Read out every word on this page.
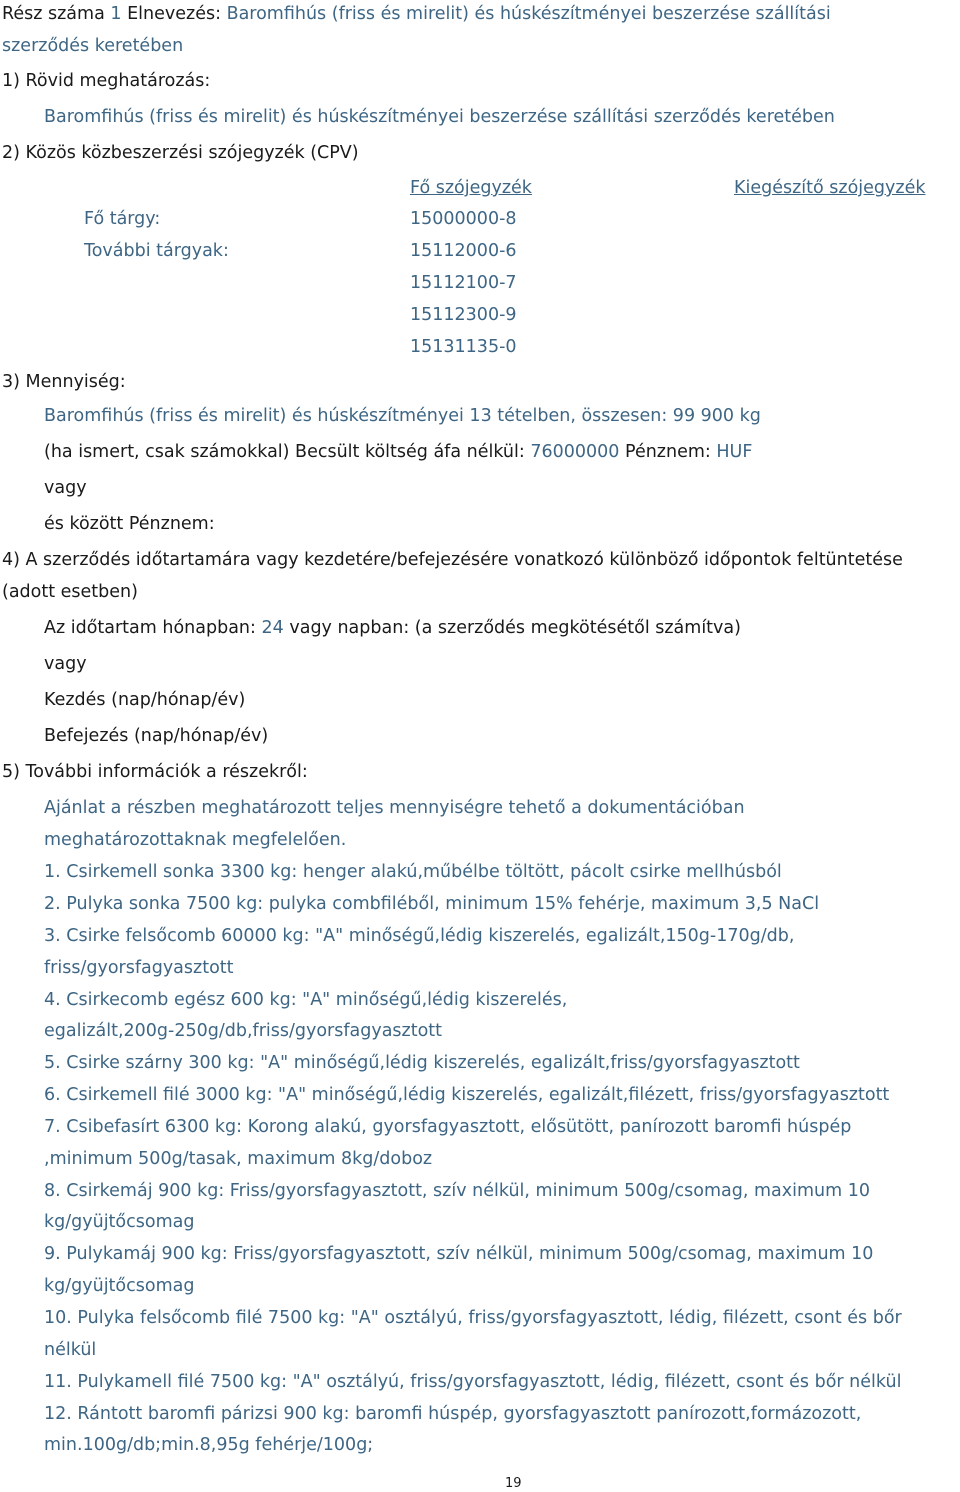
Rész száma 1 Elnevezés: Baromfihús (friss és mirelit) és húskészítményei beszerzése szállítási
szerződés keretében
1) Rövid meghatározás:
Baromfihús (friss és mirelit) és húskészítményei beszerzése szállítási szerződés keretében
2) Közös közbeszerzési szójegyzék (CPV)
Fő szójegyzék	Kiegészítő szójegyzék
Fő tárgy:	15000000-8
További tárgyak:	15112000-6
15112100-7
15112300-9
15131135-0
3) Mennyiség:
Baromfihús (friss és mirelit) és húskészítményei 13 tételben, összesen: 99 900 kg
(ha ismert, csak számokkal) Becsült költség áfa nélkül: 76000000 Pénznem: HUF
vagy
és között Pénznem:
4) A szerződés időtartamára vagy kezdetére/befejezésére vonatkozó különböző időpontok feltüntetése
(adott esetben)
Az időtartam hónapban: 24 vagy napban: (a szerződés megkötésétől számítva)
vagy
Kezdés (nap/hónap/év)
Befejezés (nap/hónap/év)
5) További információk a részekről:
Ajánlat a részben meghatározott teljes mennyiségre tehető a dokumentációban
meghatározottaknak megfelelően.
1. Csirkemell sonka 3300 kg: henger alakú,műbélbe töltött, pácolt csirke mellhúsból
2. Pulyka sonka 7500 kg: pulyka combfiléből, minimum 15% fehérje, maximum 3,5 NaCl
3. Csirke felsőcomb 60000 kg: "A" minőségű,lédig kiszerelés, egalizált,150g-170g/db,
friss/gyorsfagyasztott
4. Csirkecomb egész 600 kg: "A" minőségű,lédig kiszerelés,
egalizált,200g-250g/db,friss/gyorsfagyasztott
5. Csirke szárny 300 kg: "A" minőségű,lédig kiszerelés, egalizált,friss/gyorsfagyasztott
6. Csirkemell filé 3000 kg: "A" minőségű,lédig kiszerelés, egalizált,filézett, friss/gyorsfagyasztott
7. Csibefasírt 6300 kg: Korong alakú, gyorsfagyasztott, elősütött, panírozott baromfi húspép
,minimum 500g/tasak, maximum 8kg/doboz
8. Csirkemáj 900 kg: Friss/gyorsfagyasztott, szív nélkül, minimum 500g/csomag, maximum 10
kg/gyüjtőcsomag
9. Pulykamáj 900 kg: Friss/gyorsfagyasztott, szív nélkül, minimum 500g/csomag, maximum 10
kg/gyüjtőcsomag
10. Pulyka felsőcomb filé 7500 kg: "A" osztályú, friss/gyorsfagyasztott, lédig, filézett, csont és bőr
nélkül
11. Pulykamell filé 7500 kg: "A" osztályú, friss/gyorsfagyasztott, lédig, filézett, csont és bőr nélkül
12. Rántott baromfi párizsi 900 kg: baromfi húspép, gyorsfagyasztott panírozott,formázozott,
min.100g/db;min.8,95g fehérje/100g;
19
